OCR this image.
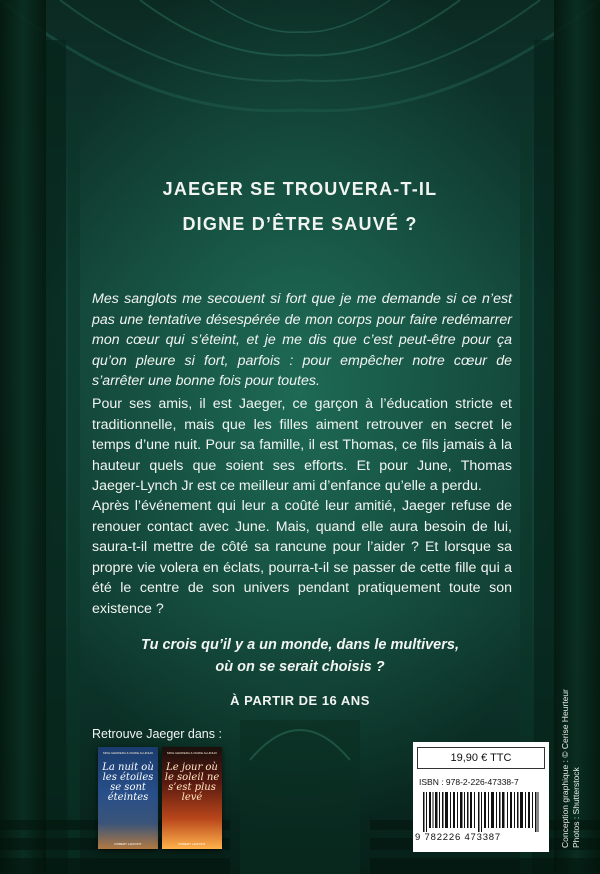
JAEGER SE TROUVERA-T-IL
DIGNE D’ÊTRE SAUVÉ ?
Mes sanglots me secouent si fort que je me demande si ce n’est pas une tentative désespérée de mon corps pour faire redémarrer mon cœur qui s’éteint, et je me dis que c’est peut-être pour ça qu’on pleure si fort, parfois : pour empêcher notre cœur de s’arrêter une bonne fois pour toutes.
Pour ses amis, il est Jaeger, ce garçon à l’éducation stricte et traditionnelle, mais que les filles aiment retrouver en secret le temps d’une nuit. Pour sa famille, il est Thomas, ce fils jamais à la hauteur quels que soient ses efforts. Et pour June, Thomas Jaeger-Lynch Jr est ce meilleur ami d’enfance qu’elle a perdu.
Après l’événement qui leur a coûté leur amitié, Jaeger refuse de renouer contact avec June. Mais, quand elle aura besoin de lui, saura-t-il mettre de côté sa rancune pour l’aider ? Et lorsque sa propre vie volera en éclats, pourra-t-il se passer de cette fille qui a été le centre de son univers pendant pratiquement toute son existence ?
Tu crois qu’il y a un monde, dans le multivers,
où on se serait choisis ?
À PARTIR DE 16 ANS
Retrouve Jaeger dans :
MIKE GERRERA & MARIE ALHINHO
La nuit où les étoiles se sont éteintes
ROBERT LAFFONT
MIKE GERRERA & MARIE ALHINHO
Le jour où le soleil ne s’est plus levé
ROBERT LAFFONT
19,90 € TTC
ISBN : 978-2-226-47338-7
9 782226 473387	Conception graphique : © Cerise Heurteur Photos : Shutterstock
